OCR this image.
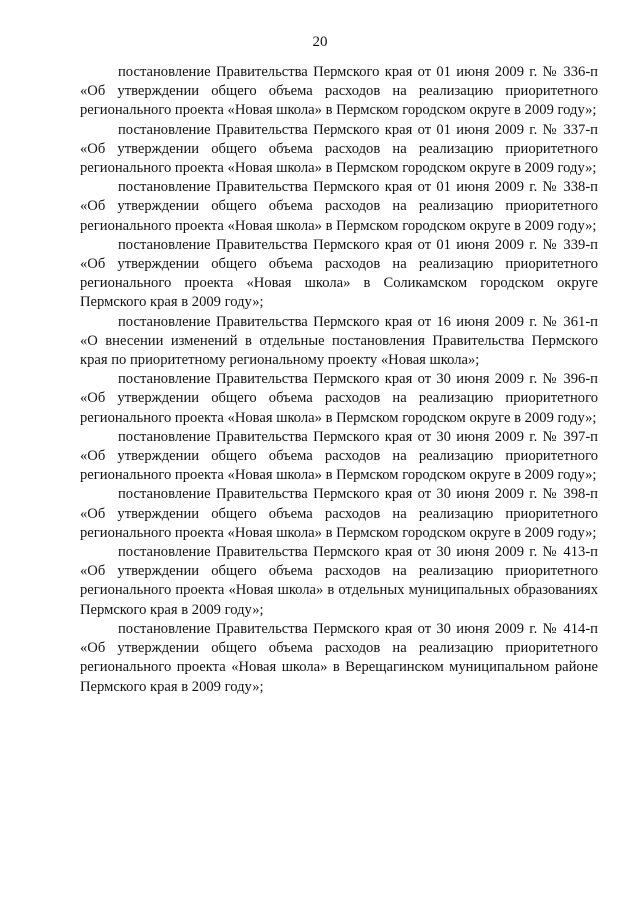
20

постановление Правительства Пермского края от 01 июня 2009 г. № 336-п «Об утверждении общего объема расходов на реализацию приоритетного регионального проекта «Новая школа» в Пермском городском округе в 2009 году»;

постановление Правительства Пермского края от 01 июня 2009 г. № 337-п «Об утверждении общего объема расходов на реализацию приоритетного регионального проекта «Новая школа» в Пермском городском округе в 2009 году»;

постановление Правительства Пермского края от 01 июня 2009 г. № 338-п «Об утверждении общего объема расходов на реализацию приоритетного регионального проекта «Новая школа» в Пермском городском округе в 2009 году»;

постановление Правительства Пермского края от 01 июня 2009 г. № 339-п «Об утверждении общего объема расходов на реализацию приоритетного регионального проекта «Новая школа» в Соликамском городском округе Пермского края в 2009 году»;

постановление Правительства Пермского края от 16 июня 2009 г. № 361-п «О внесении изменений в отдельные постановления Правительства Пермского края по приоритетному региональному проекту «Новая школа»;

постановление Правительства Пермского края от 30 июня 2009 г. № 396-п «Об утверждении общего объема расходов на реализацию приоритетного регионального проекта «Новая школа» в Пермском городском округе в 2009 году»;

постановление Правительства Пермского края от 30 июня 2009 г. № 397-п «Об утверждении общего объема расходов на реализацию приоритетного регионального проекта «Новая школа» в Пермском городском округе в 2009 году»;

постановление Правительства Пермского края от 30 июня 2009 г. № 398-п «Об утверждении общего объема расходов на реализацию приоритетного регионального проекта «Новая школа» в Пермском городском округе в 2009 году»;

постановление Правительства Пермского края от 30 июня 2009 г. № 413-п «Об утверждении общего объема расходов на реализацию приоритетного регионального проекта «Новая школа» в отдельных муниципальных образованиях Пермского края в 2009 году»;

постановление Правительства Пермского края от 30 июня 2009 г. № 414-п «Об утверждении общего объема расходов на реализацию приоритетного регионального проекта «Новая школа» в Верещагинском муниципальном районе Пермского края в 2009 году»;
